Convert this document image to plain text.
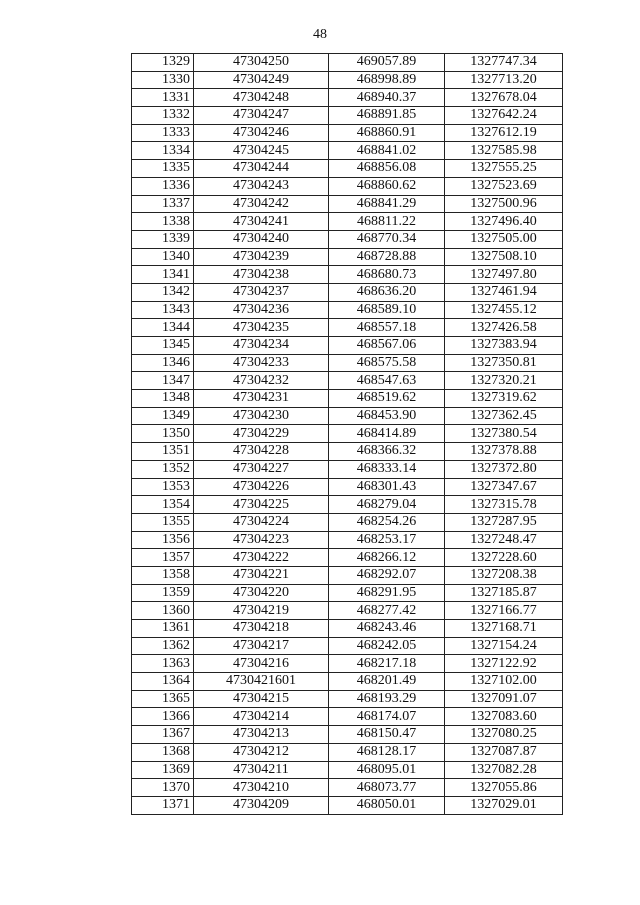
48
1329	47304250	469057.89	1327747.34
1330	47304249	468998.89	1327713.20
1331	47304248	468940.37	1327678.04
1332	47304247	468891.85	1327642.24
1333	47304246	468860.91	1327612.19
1334	47304245	468841.02	1327585.98
1335	47304244	468856.08	1327555.25
1336	47304243	468860.62	1327523.69
1337	47304242	468841.29	1327500.96
1338	47304241	468811.22	1327496.40
1339	47304240	468770.34	1327505.00
1340	47304239	468728.88	1327508.10
1341	47304238	468680.73	1327497.80
1342	47304237	468636.20	1327461.94
1343	47304236	468589.10	1327455.12
1344	47304235	468557.18	1327426.58
1345	47304234	468567.06	1327383.94
1346	47304233	468575.58	1327350.81
1347	47304232	468547.63	1327320.21
1348	47304231	468519.62	1327319.62
1349	47304230	468453.90	1327362.45
1350	47304229	468414.89	1327380.54
1351	47304228	468366.32	1327378.88
1352	47304227	468333.14	1327372.80
1353	47304226	468301.43	1327347.67
1354	47304225	468279.04	1327315.78
1355	47304224	468254.26	1327287.95
1356	47304223	468253.17	1327248.47
1357	47304222	468266.12	1327228.60
1358	47304221	468292.07	1327208.38
1359	47304220	468291.95	1327185.87
1360	47304219	468277.42	1327166.77
1361	47304218	468243.46	1327168.71
1362	47304217	468242.05	1327154.24
1363	47304216	468217.18	1327122.92
1364	4730421601	468201.49	1327102.00
1365	47304215	468193.29	1327091.07
1366	47304214	468174.07	1327083.60
1367	47304213	468150.47	1327080.25
1368	47304212	468128.17	1327087.87
1369	47304211	468095.01	1327082.28
1370	47304210	468073.77	1327055.86
1371	47304209	468050.01	1327029.01
